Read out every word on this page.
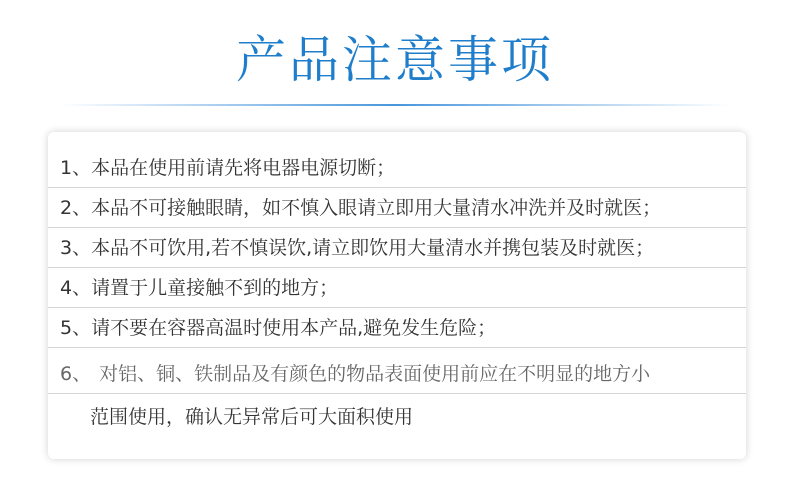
产品注意事项
1、本品在使用前请先将电器电源切断；
2、本品不可接触眼睛，如不慎入眼请立即用大量清水冲洗并及时就医；
3、本品不可饮用,若不慎误饮,请立即饮用大量清水并携包装及时就医；
4、请置于儿童接触不到的地方；
5、请不要在容器高温时使用本产品,避免发生危险；
6、 对铝、铜、铁制品及有颜色的物品表面使用前应在不明显的地方小
范围使用，确认无异常后可大面积使用
